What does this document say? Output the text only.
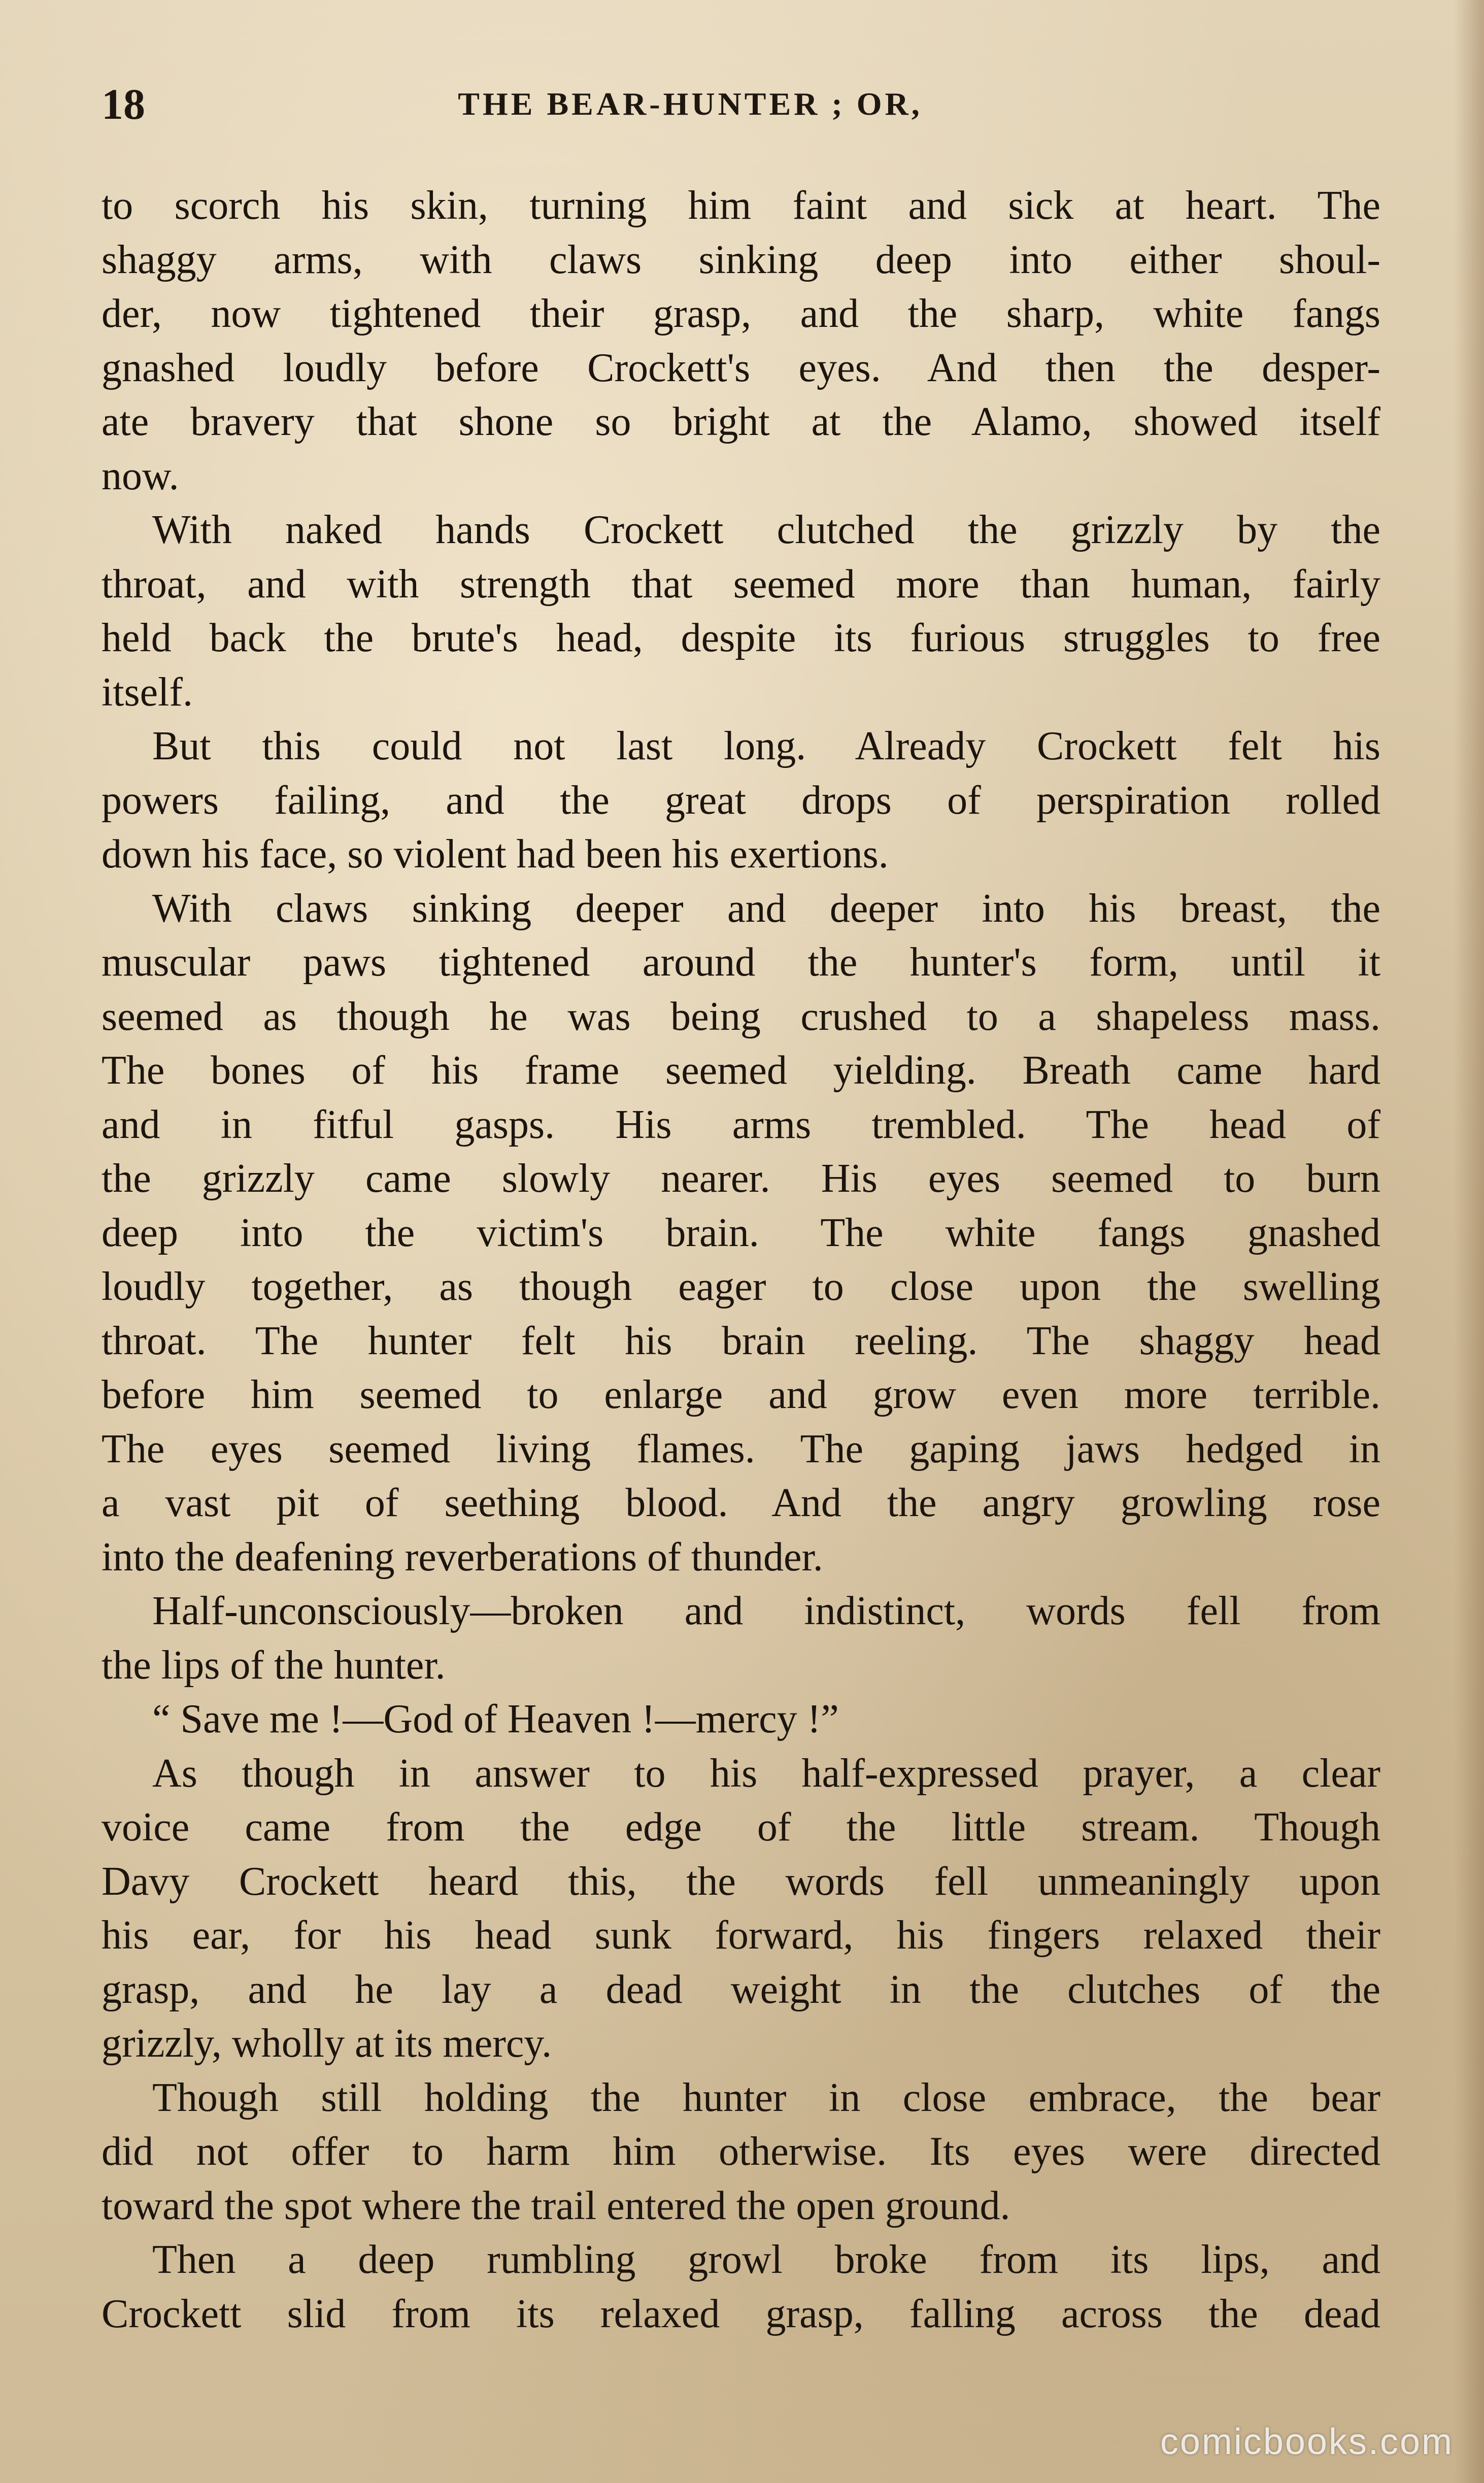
18	THE BEAR-HUNTER ; OR,
to scorch his skin, turning him faint and sick at heart. The
shaggy arms, with claws sinking deep into either shoul-
der, now tightened their grasp, and the sharp, white fangs
gnashed loudly before Crockett's eyes. And then the desper-
ate bravery that shone so bright at the Alamo, showed itself
now.
With naked hands Crockett clutched the grizzly by the
throat, and with strength that seemed more than human, fairly
held back the brute's head, despite its furious struggles to free
itself.
But this could not last long. Already Crockett felt his
powers failing, and the great drops of perspiration rolled
down his face, so violent had been his exertions.
With claws sinking deeper and deeper into his breast, the
muscular paws tightened around the hunter's form, until it
seemed as though he was being crushed to a shapeless mass.
The bones of his frame seemed yielding. Breath came hard
and in fitful gasps. His arms trembled. The head of
the grizzly came slowly nearer. His eyes seemed to burn
deep into the victim's brain. The white fangs gnashed
loudly together, as though eager to close upon the swelling
throat. The hunter felt his brain reeling. The shaggy head
before him seemed to enlarge and grow even more terrible.
The eyes seemed living flames. The gaping jaws hedged in
a vast pit of seething blood. And the angry growling rose
into the deafening reverberations of thunder.
Half-unconsciously—broken and indistinct, words fell from
the lips of the hunter.
“ Save me !—God of Heaven !—mercy !”
As though in answer to his half-expressed prayer, a clear
voice came from the edge of the little stream. Though
Davy Crockett heard this, the words fell unmeaningly upon
his ear, for his head sunk forward, his fingers relaxed their
grasp, and he lay a dead weight in the clutches of the
grizzly, wholly at its mercy.
Though still holding the hunter in close embrace, the bear
did not offer to harm him otherwise. Its eyes were directed
toward the spot where the trail entered the open ground.
Then a deep rumbling growl broke from its lips, and
Crockett slid from its relaxed grasp, falling across the dead
comicbooks.com
